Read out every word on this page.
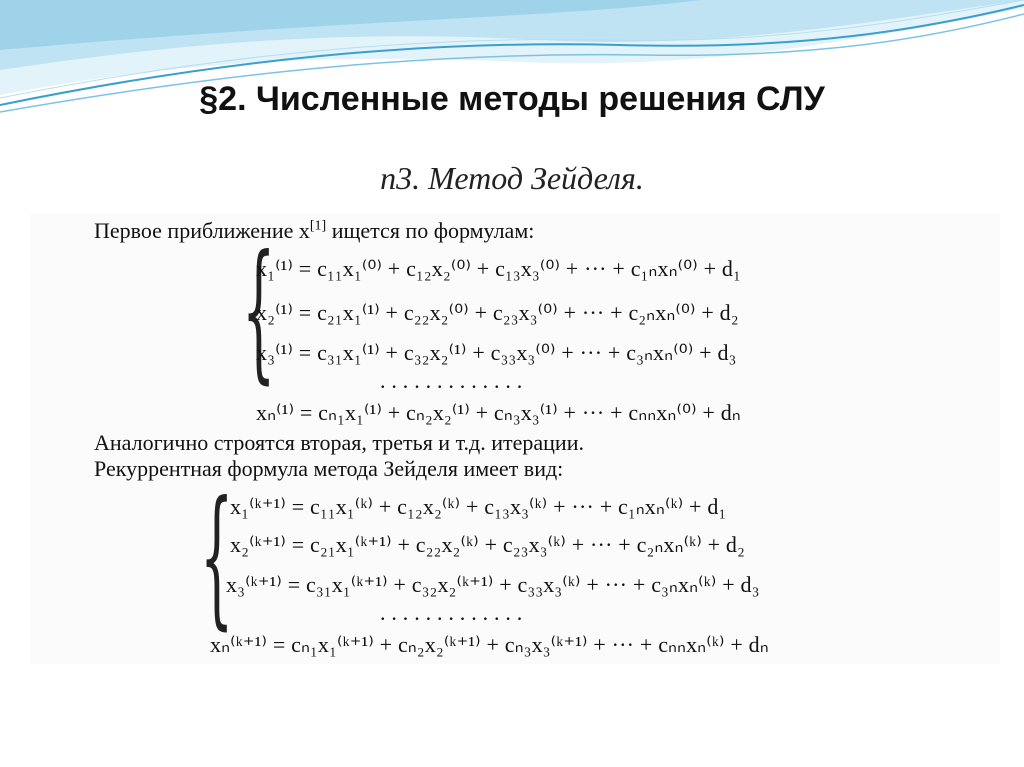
§2. Численные методы решения СЛУ
п3. Метод Зейделя.
Первое приближение x[1] ищется по формулам:
{
x₁⁽¹⁾ = c₁₁x₁⁽⁰⁾ + c₁₂x₂⁽⁰⁾ + c₁₃x₃⁽⁰⁾ + ··· + c₁ₙxₙ⁽⁰⁾ + d₁
x₂⁽¹⁾ = c₂₁x₁⁽¹⁾ + c₂₂x₂⁽⁰⁾ + c₂₃x₃⁽⁰⁾ + ··· + c₂ₙxₙ⁽⁰⁾ + d₂
x₃⁽¹⁾ = c₃₁x₁⁽¹⁾ + c₃₂x₂⁽¹⁾ + c₃₃x₃⁽⁰⁾ + ··· + c₃ₙxₙ⁽⁰⁾ + d₃
. . . . . . . . . . . . .
xₙ⁽¹⁾ = cₙ₁x₁⁽¹⁾ + cₙ₂x₂⁽¹⁾ + cₙ₃x₃⁽¹⁾ + ··· + cₙₙxₙ⁽⁰⁾ + dₙ
Аналогично строятся вторая, третья и т.д. итерации.
Рекуррентная формула метода Зейделя имеет вид:
{
x₁⁽ᵏ⁺¹⁾ = c₁₁x₁⁽ᵏ⁾ + c₁₂x₂⁽ᵏ⁾ + c₁₃x₃⁽ᵏ⁾ + ··· + c₁ₙxₙ⁽ᵏ⁾ + d₁
x₂⁽ᵏ⁺¹⁾ = c₂₁x₁⁽ᵏ⁺¹⁾ + c₂₂x₂⁽ᵏ⁾ + c₂₃x₃⁽ᵏ⁾ + ··· + c₂ₙxₙ⁽ᵏ⁾ + d₂
x₃⁽ᵏ⁺¹⁾ = c₃₁x₁⁽ᵏ⁺¹⁾ + c₃₂x₂⁽ᵏ⁺¹⁾ + c₃₃x₃⁽ᵏ⁾ + ··· + c₃ₙxₙ⁽ᵏ⁾ + d₃
. . . . . . . . . . . . .
xₙ⁽ᵏ⁺¹⁾ = cₙ₁x₁⁽ᵏ⁺¹⁾ + cₙ₂x₂⁽ᵏ⁺¹⁾ + cₙ₃x₃⁽ᵏ⁺¹⁾ + ··· + cₙₙxₙ⁽ᵏ⁾ + dₙ
